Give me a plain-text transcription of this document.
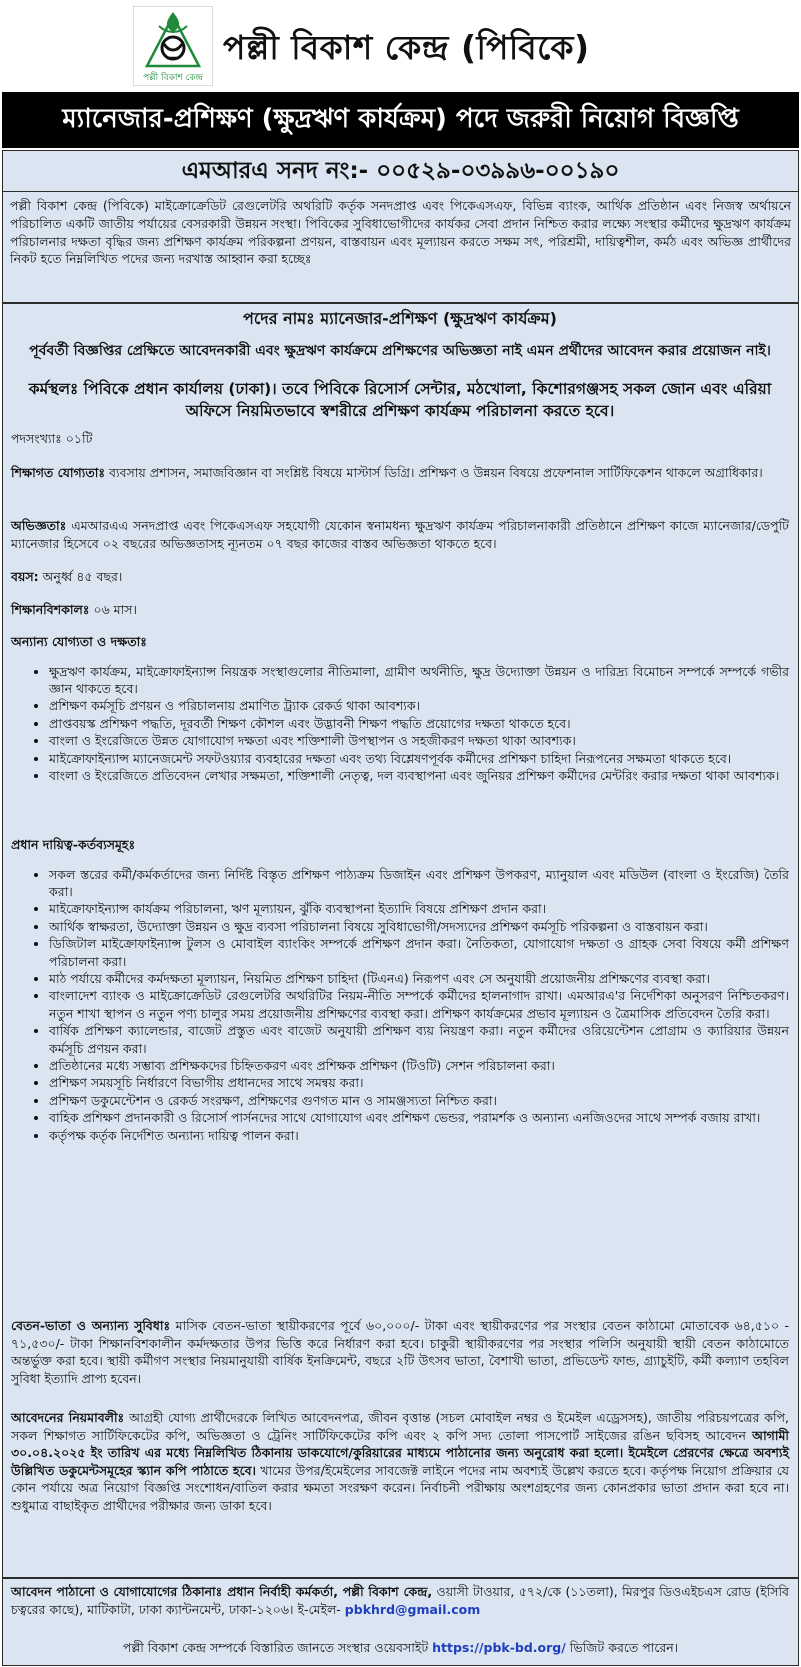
পল্লী বিকাশ কেন্দ্র
পল্লী বিকাশ কেন্দ্র (পিবিকে)
ম্যানেজার-প্রশিক্ষণ (ক্ষুদ্রঋণ কার্যক্রম) পদে জরুরী নিয়োগ বিজ্ঞপ্তি
এমআরএ সনদ নং:- ০০৫২৯-০৩৯৯৬-০০১৯০

পল্লী বিকাশ কেন্দ্র (পিবিকে) মাইক্রোক্রেডিট রেগুলেটরি অথরিটি কর্তৃক সনদপ্রাপ্ত এবং পিকেএসএফ, বিভিন্ন ব্যাংক, আর্থিক প্রতিষ্ঠান এবং নিজস্ব অর্থায়নে পরিচালিত একটি জাতীয় পর্যায়ের বেসরকারী উন্নয়ন সংস্থা। পিবিকের সুবিধাভোগীদের কার্যকর সেবা প্রদান নিশ্চিত করার লক্ষ্যে সংস্থার কর্মীদের ক্ষুদ্রঋণ কার্যক্রম পরিচালনার দক্ষতা বৃদ্ধির জন্য প্রশিক্ষণ কার্যক্রম পরিকল্পনা প্রণয়ন, বাস্তবায়ন এবং মূল্যায়ন করতে সক্ষম সৎ, পরিশ্রমী, দায়িত্বশীল, কর্মঠ এবং অভিজ্ঞ প্রার্থীদের নিকট হতে নিম্নলিখিত পদের জন্য দরখাস্ত আহ্বান করা হচ্ছেঃ

পদের নামঃ ম্যানেজার-প্রশিক্ষণ (ক্ষুদ্রঋণ কার্যক্রম)
পূর্ববর্তী বিজ্ঞপ্তির প্রেক্ষিতে আবেদনকারী এবং ক্ষুদ্রঋণ কার্যক্রমে প্রশিক্ষণের অভিজ্ঞতা নাই এমন প্রর্থীদের আবেদন করার প্রয়োজন নাই।
কর্মস্থলঃ পিবিকে প্রধান কার্যালয় (ঢাকা)। তবে পিবিকে রিসোর্স সেন্টার, মঠখোলা, কিশোরগঞ্জসহ সকল জোন এবং এরিয়া অফিসে নিয়মিতভাবে স্বশরীরে প্রশিক্ষণ কার্যক্রম পরিচালনা করতে হবে।
পদসংখ্যাঃ ০১টি
শিক্ষাগত যোগ্যতাঃ ব্যবসায় প্রশাসন, সমাজবিজ্ঞান বা সংশ্লিষ্ট বিষয়ে মাস্টার্স ডিগ্রি। প্রশিক্ষণ ও উন্নয়ন বিষয়ে প্রফেশনাল সার্টিফিকেশন থাকলে অগ্রাধিকার।
অভিজ্ঞতাঃ এমআরএএ সনদপ্রাপ্ত এবং পিকেএসএফ সহযোগী যেকোন স্বনামধন্য ক্ষুদ্রঋণ কার্যক্রম পরিচালনাকারী প্রতিষ্ঠানে প্রশিক্ষণ কাজে ম্যানেজার/ডেপুটি ম্যানেজার হিসেবে ০২ বছরের অভিজ্ঞতাসহ ন্যূনতম ০৭ বছর কাজের বাস্তব অভিজ্ঞতা থাকতে হবে।
বয়স: অনুর্ধ্ব ৪৫ বছর।
শিক্ষানবিশকালঃ ০৬ মাস।
অন্যান্য যোগ্যতা ও দক্ষতাঃ
• ক্ষুদ্রঋণ কার্যক্রম, মাইক্রোফাইন্যান্স নিয়ন্ত্রক সংস্থাগুলোর নীতিমালা, গ্রামীণ অর্থনীতি, ক্ষুদ্র উদ্যোক্তা উন্নয়ন ও দারিদ্র্য বিমোচন সম্পর্কে সম্পর্কে গভীর জ্ঞান থাকতে হবে।
• প্রশিক্ষণ কর্মসূচি প্রণয়ন ও পরিচালনায় প্রমাণিত ট্র্যাক রেকর্ড থাকা আবশ্যক।
• প্রাপ্তবয়স্ক প্রশিক্ষণ পদ্ধতি, দূরবর্তী শিক্ষণ কৌশল এবং উদ্ভাবনী শিক্ষণ পদ্ধতি প্রয়োগের দক্ষতা থাকতে হবে।
• বাংলা ও ইংরেজিতে উন্নত যোগাযোগ দক্ষতা এবং শক্তিশালী উপস্থাপন ও সহজীকরণ দক্ষতা থাকা আবশ্যক।
• মাইক্রোফাইন্যান্স ম্যানেজমেন্ট সফটওয়্যার ব্যবহারের দক্ষতা এবং তথ্য বিশ্লেষণপূর্বক কর্মীদের প্রশিক্ষণ চাহিদা নিরূপনের সক্ষমতা থাকতে হবে।
• বাংলা ও ইংরেজিতে প্রতিবেদন লেখার সক্ষমতা, শক্তিশালী নেতৃত্ব, দল ব্যবস্থাপনা এবং জুনিয়র প্রশিক্ষণ কর্মীদের মেন্টরিং করার দক্ষতা থাকা আবশ্যক।
প্রধান দায়িত্ব-কর্তব্যসমূহঃ
• সকল স্তরের কর্মী/কর্মকর্তাদের জন্য নির্দিষ্ট বিস্তৃত প্রশিক্ষণ পাঠ্যক্রম ডিজাইন এবং প্রশিক্ষণ উপকরণ, ম্যানুয়াল এবং মডিউল (বাংলা ও ইংরেজি) তৈরি করা।
• মাইক্রোফাইন্যান্স কার্যক্রম পরিচালনা, ঋণ মূল্যায়ন, ঝুঁকি ব্যবস্থাপনা ইত্যাদি বিষয়ে প্রশিক্ষণ প্রদান করা।
• আর্থিক স্বাক্ষরতা, উদ্যোক্তা উন্নয়ন ও ক্ষুদ্র ব্যবসা পরিচালনা বিষয়ে সুবিধাভোগী/সদস্যদের প্রশিক্ষণ কর্মসূচি পরিকল্পনা ও বাস্তবায়ন করা।
• ডিজিটাল মাইক্রোফাইন্যান্স টুলস ও মোবাইল ব্যাংকিং সম্পর্কে প্রশিক্ষণ প্রদান করা। নৈতিকতা, যোগাযোগ দক্ষতা ও গ্রাহক সেবা বিষয়ে কর্মী প্রশিক্ষণ পরিচালনা করা।
• মাঠ পর্যায়ে কর্মীদের কর্মদক্ষতা মূল্যায়ন, নিয়মিত প্রশিক্ষণ চাহিদা (টিএনএ) নিরূপণ এবং সে অনুযায়ী প্রয়োজনীয় প্রশিক্ষণের ব্যবস্থা করা।
• বাংলাদেশ ব্যাংক ও মাইক্রোক্রেডিট রেগুলেটরি অথরিটির নিয়ম-নীতি সম্পর্কে কর্মীদের হালনাগাদ রাখা। এমআরএ'র নির্দেশিকা অনুসরণ নিশ্চিতকরণ। নতুন শাখা স্থাপন ও নতুন পণ্য চালুর সময় প্রয়োজনীয় প্রশিক্ষণের ব্যবস্থা করা। প্রশিক্ষণ কার্যক্রমের প্রভাব মূল্যায়ন ও ত্রৈমাসিক প্রতিবেদন তৈরি করা।
• বার্ষিক প্রশিক্ষণ ক্যালেন্ডার, বাজেট প্রস্তুত এবং বাজেট অনুযায়ী প্রশিক্ষণ ব্যয় নিয়ন্ত্রণ করা। নতুন কর্মীদের ওরিয়েন্টেশন প্রোগ্রাম ও ক্যারিয়ার উন্নয়ন কর্মসূচি প্রণয়ন করা।
• প্রতিষ্ঠানের মধ্যে সম্ভাব্য প্রশিক্ষকদের চিহ্নিতকরণ এবং প্রশিক্ষক প্রশিক্ষণ (টিওটি) সেশন পরিচালনা করা।
• প্রশিক্ষণ সময়সূচি নির্ধারণে বিভাগীয় প্রধানদের সাথে সমন্বয় করা।
• প্রশিক্ষণ ডকুমেন্টেশন ও রেকর্ড সংরক্ষণ, প্রশিক্ষণের গুণগত মান ও সামঞ্জস্যতা নিশ্চিত করা।
• বাহিক প্রশিক্ষণ প্রদানকারী ও রিসোর্স পার্সনদের সাথে যোগাযোগ এবং প্রশিক্ষণ ভেন্ডর, পরামর্শক ও অন্যান্য এনজিওদের সাথে সম্পর্ক বজায় রাখা।
• কর্তৃপক্ষ কর্তৃক নির্দেশিত অন্যান্য দায়িত্ব পালন করা।
বেতন-ভাতা ও অন্যান্য সুবিধাঃ মাসিক বেতন-ভাতা স্থায়ীকরণের পূর্বে ৬০,০০০/- টাকা এবং স্থায়ীকরণের পর সংস্থার বেতন কাঠামো মোতাবেক ৬৪,৫১০ - ৭১,৫৩০/- টাকা শিক্ষানবিশকালীন কর্মদক্ষতার উপর ভিত্তি করে নির্ধারণ করা হবে। চাকুরী স্থায়ীকরণের পর সংস্থার পলিসি অনুযায়ী স্থায়ী বেতন কাঠামোতে অন্তর্ভুক্ত করা হবে। স্থায়ী কর্মীগণ সংস্থার নিয়মানুযায়ী বার্ষিক ইনক্রিমেন্ট, বছরে ২টি উৎসব ভাতা, বৈশাখী ভাতা, প্রভিডেন্ট ফান্ড, গ্র্যাচুইটি, কর্মী কল্যাণ তহবিল সুবিধা ইত্যাদি প্রাপ্য হবেন।
আবেদনের নিয়মাবলীঃ আগ্রহী যোগ্য প্রার্থীদেরকে লিখিত আবেদনপত্র, জীবন বৃত্তান্ত (সচল মোবাইল নম্বর ও ইমেইল এড্রেসসহ), জাতীয় পরিচয়পত্রের কপি, সকল শিক্ষাগত সার্টিফিকেটের কপি, অভিজ্ঞতা ও ট্রেনিং সার্টিফিকেটের কপি এবং ২ কপি সদ্য তোলা পাসপোর্ট সাইজের রঙিন ছবিসহ আবেদন আগামী ৩০.০৪.২০২৫ ইং তারিখ এর মধ্যে নিম্নলিখিত ঠিকানায় ডাকযোগে/কুরিয়ারের মাধ্যমে পাঠানোর জন্য অনুরোধ করা হলো। ইমেইলে প্রেরণের ক্ষেত্রে অবশ্যই উল্লিখিত ডকুমেন্টসমূহের স্ক্যান কপি পাঠাতে হবে। খামের উপর/ইমেইলের সাবজেক্ট লাইনে পদের নাম অবশ্যই উল্লেখ করতে হবে। কর্তৃপক্ষ নিয়োগ প্রক্রিয়ার যে কোন পর্যায়ে অত্র নিয়োগ বিজ্ঞপ্তি সংশোধন/বাতিল করার ক্ষমতা সংরক্ষণ করেন। নির্বাচনী পরীক্ষায় অংশগ্রহণের জন্য কোনপ্রকার ভাতা প্রদান করা হবে না। শুধুমাত্র বাছাইকৃত প্রার্থীদের পরীক্ষার জন্য ডাকা হবে।
আবেদন পাঠানো ও যোগাযোগের ঠিকানাঃ প্রধান নির্বাহী কর্মকর্তা, পল্লী বিকাশ কেন্দ্র, ওয়াসী টাওয়ার, ৫৭২/কে (১১তলা), মিরপুর ডিওএইচএস রোড (ইসিবি চত্বরের কাছে), মাটিকাটা, ঢাকা ক্যান্টনমেন্ট, ঢাকা-১২০৬। ই-মেইল- pbkhrd@gmail.com
পল্লী বিকাশ কেন্দ্র সম্পর্কে বিস্তারিত জানতে সংস্থার ওয়েবসাইট https://pbk-bd.org/ ভিজিট করতে পারেন।
